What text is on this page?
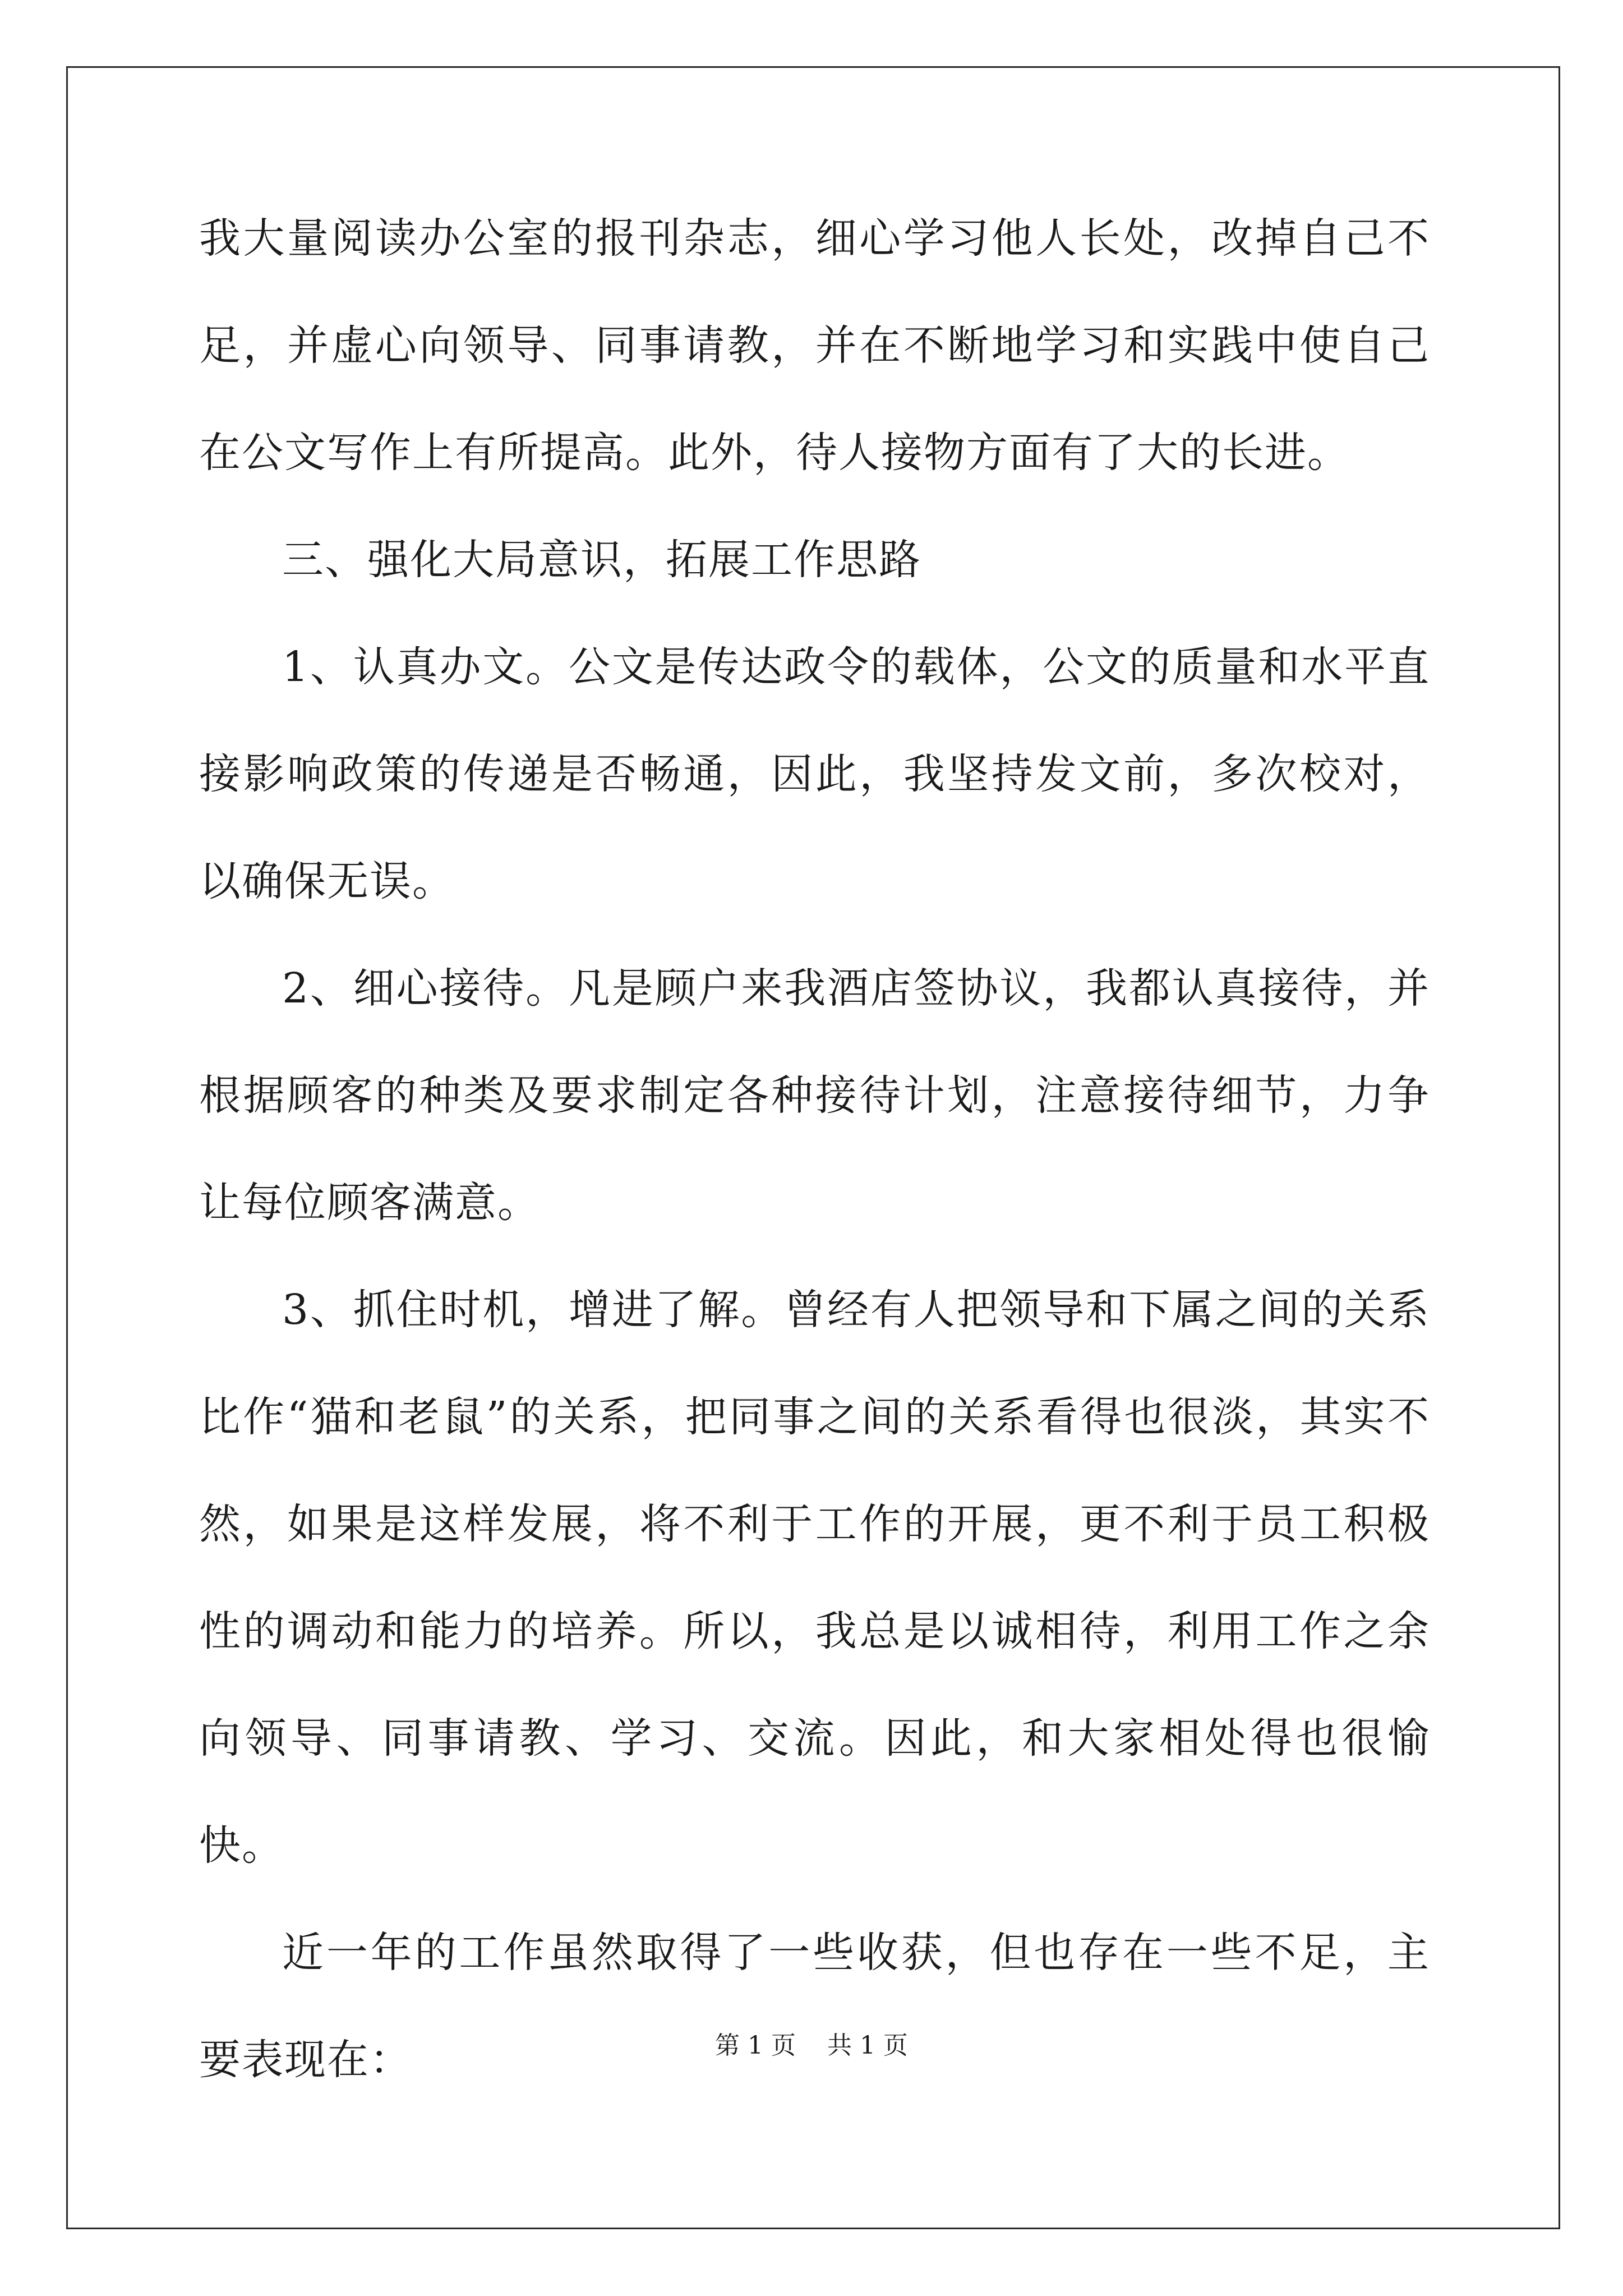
我大量阅读办公室的报刊杂志，细心学习他人长处，改掉自己不足，并虚心向领导、同事请教，并在不断地学习和实践中使自己在公文写作上有所提高。此外，待人接物方面有了大的长进。

三、强化大局意识，拓展工作思路

1、认真办文。公文是传达政令的载体，公文的质量和水平直接影响政策的传递是否畅通，因此，我坚持发文前，多次校对，以确保无误。

2、细心接待。凡是顾户来我酒店签协议，我都认真接待，并根据顾客的种类及要求制定各种接待计划，注意接待细节，力争让每位顾客满意。

3、抓住时机，增进了解。曾经有人把领导和下属之间的关系比作“猫和老鼠”的关系，把同事之间的关系看得也很淡，其实不然，如果是这样发展，将不利于工作的开展，更不利于员工积极性的调动和能力的培养。所以，我总是以诚相待，利用工作之余向领导、同事请教、学习、交流。因此，和大家相处得也很愉快。

近一年的工作虽然取得了一些收获，但也存在一些不足，主要表现在：	第 1 页 共 1 页
